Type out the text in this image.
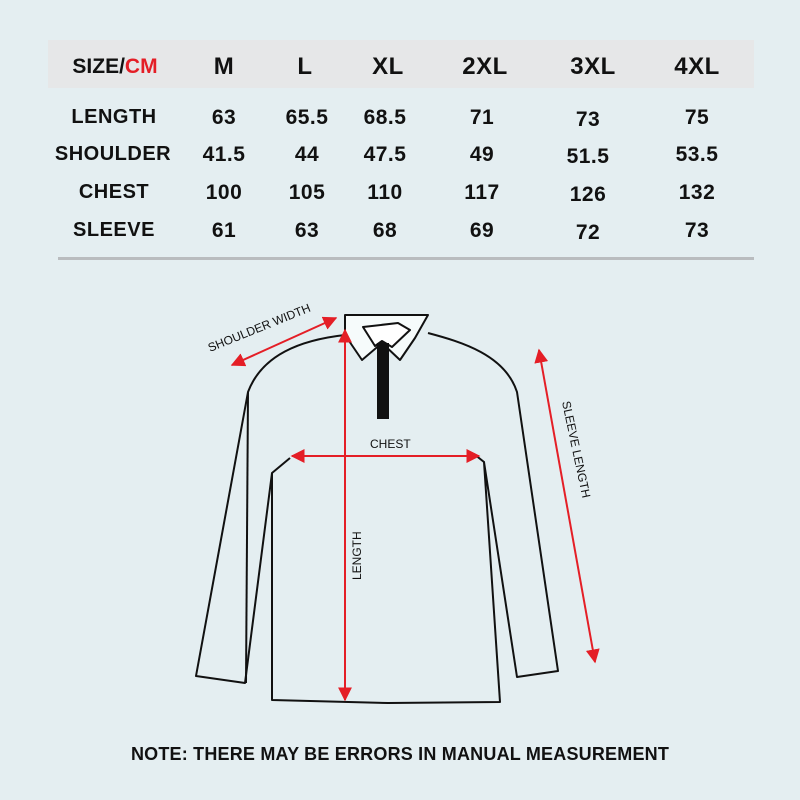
SIZE/CM	M	L	XL	2XL	3XL	4XL
LENGTH	63	65.5	68.5	71	73	75
SHOULDER	41.5	44	47.5	49	51.5	53.5
CHEST	100	105	110	117	126	132
SLEEVE	61	63	68	69	72	73
SHOULDER WIDTH
CHEST
LENGTH
SLEEVE LENGTH
NOTE: THERE MAY BE ERRORS IN MANUAL MEASUREMENT
